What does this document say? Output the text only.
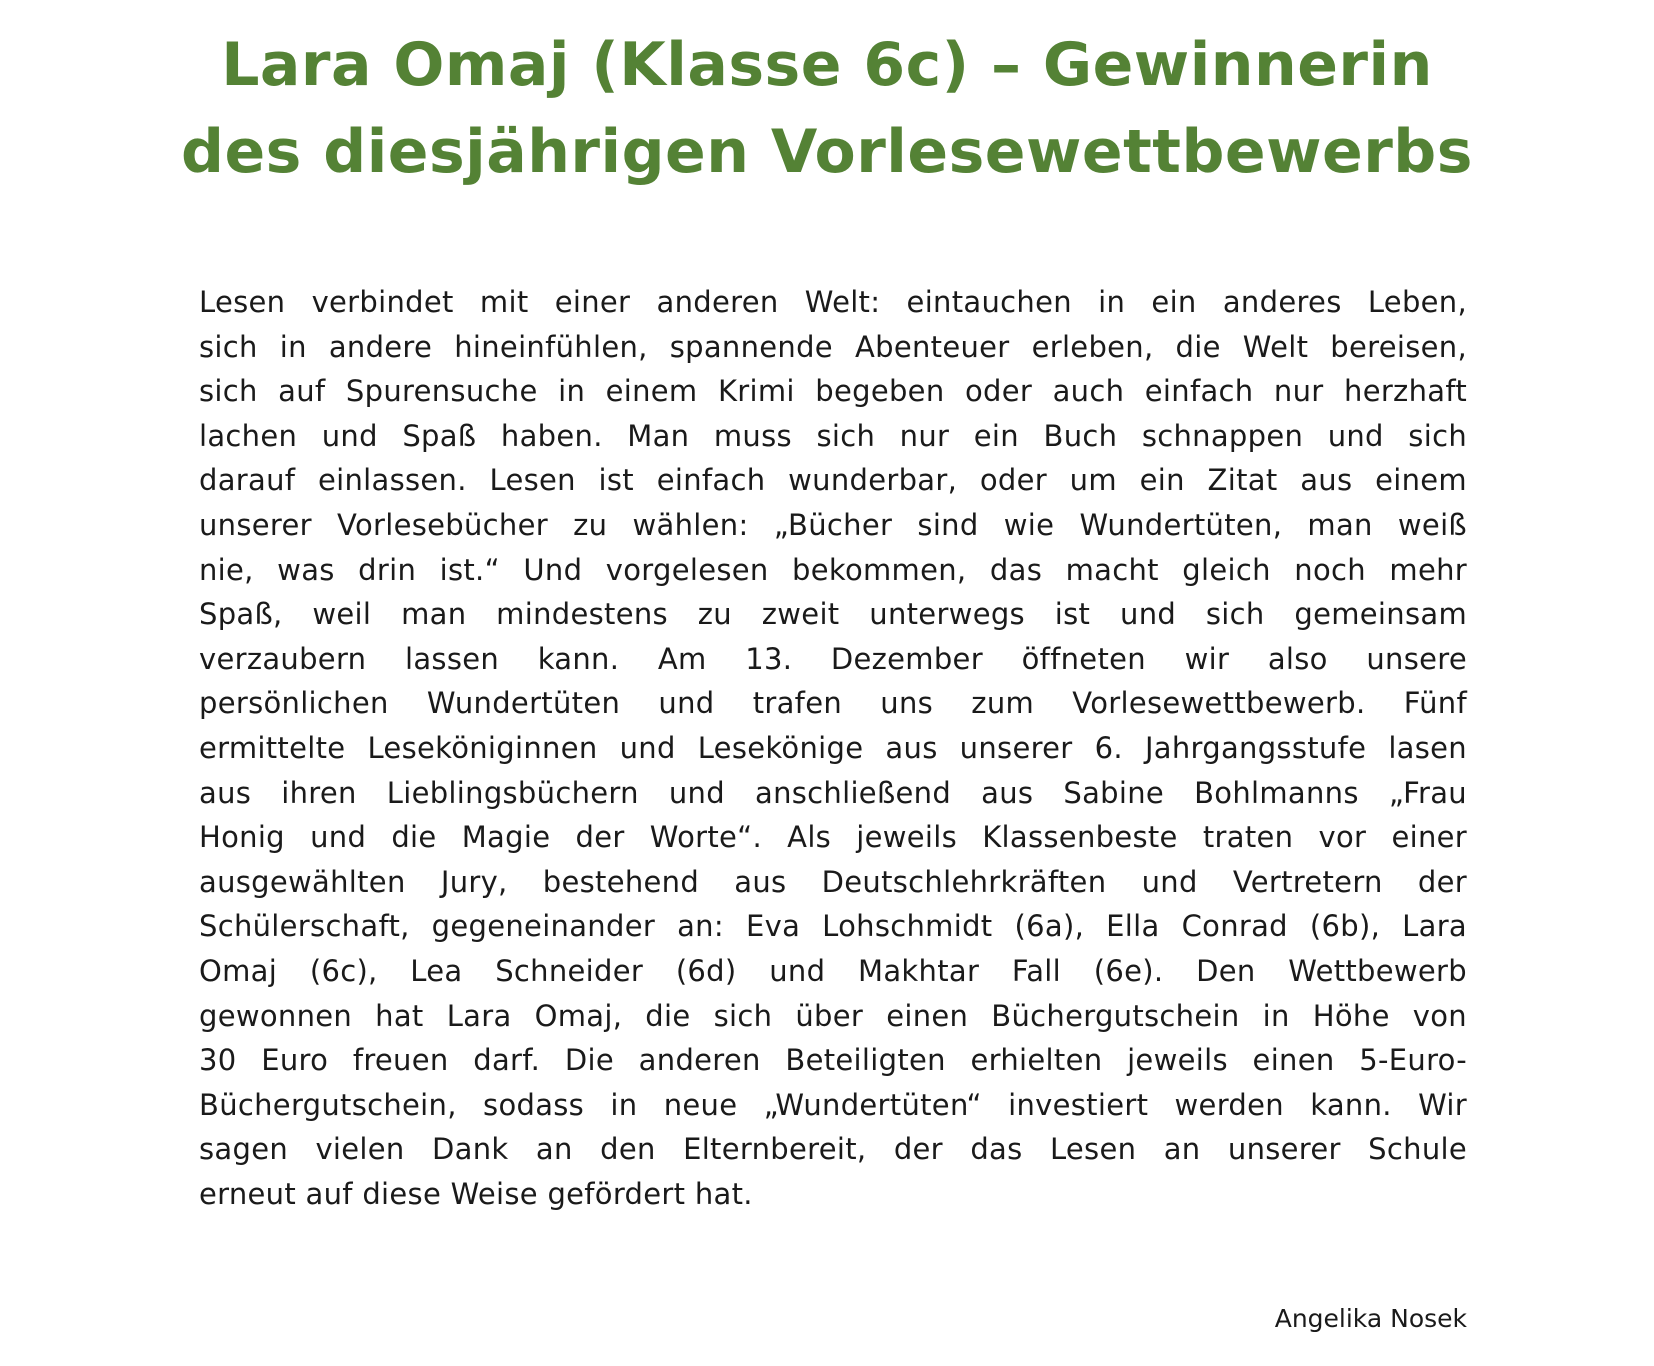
Lara Omaj (Klasse 6c) – Gewinnerin
des diesjährigen Vorlesewettbewerbs
Lesen verbindet mit einer anderen Welt: eintauchen in ein anderes Leben,
sich in andere hineinfühlen, spannende Abenteuer erleben, die Welt bereisen,
sich auf Spurensuche in einem Krimi begeben oder auch einfach nur herzhaft
lachen und Spaß haben. Man muss sich nur ein Buch schnappen und sich
darauf einlassen. Lesen ist einfach wunderbar, oder um ein Zitat aus einem
unserer Vorlesebücher zu wählen: „Bücher sind wie Wundertüten, man weiß
nie, was drin ist.“ Und vorgelesen bekommen, das macht gleich noch mehr
Spaß, weil man mindestens zu zweit unterwegs ist und sich gemeinsam
verzaubern lassen kann. Am 13. Dezember öffneten wir also unsere
persönlichen Wundertüten und trafen uns zum Vorlesewettbewerb. Fünf
ermittelte Leseköniginnen und Lesekönige aus unserer 6. Jahrgangsstufe lasen
aus ihren Lieblingsbüchern und anschließend aus Sabine Bohlmanns „Frau
Honig und die Magie der Worte“. Als jeweils Klassenbeste traten vor einer
ausgewählten Jury, bestehend aus Deutschlehrkräften und Vertretern der
Schülerschaft, gegeneinander an: Eva Lohschmidt (6a), Ella Conrad (6b), Lara
Omaj (6c), Lea Schneider (6d) und Makhtar Fall (6e). Den Wettbewerb
gewonnen hat Lara Omaj, die sich über einen Büchergutschein in Höhe von
30 Euro freuen darf. Die anderen Beteiligten erhielten jeweils einen 5-Euro-
Büchergutschein, sodass in neue „Wundertüten“ investiert werden kann. Wir
sagen vielen Dank an den Elternbereit, der das Lesen an unserer Schule
erneut auf diese Weise gefördert hat.

Angelika Nosek
